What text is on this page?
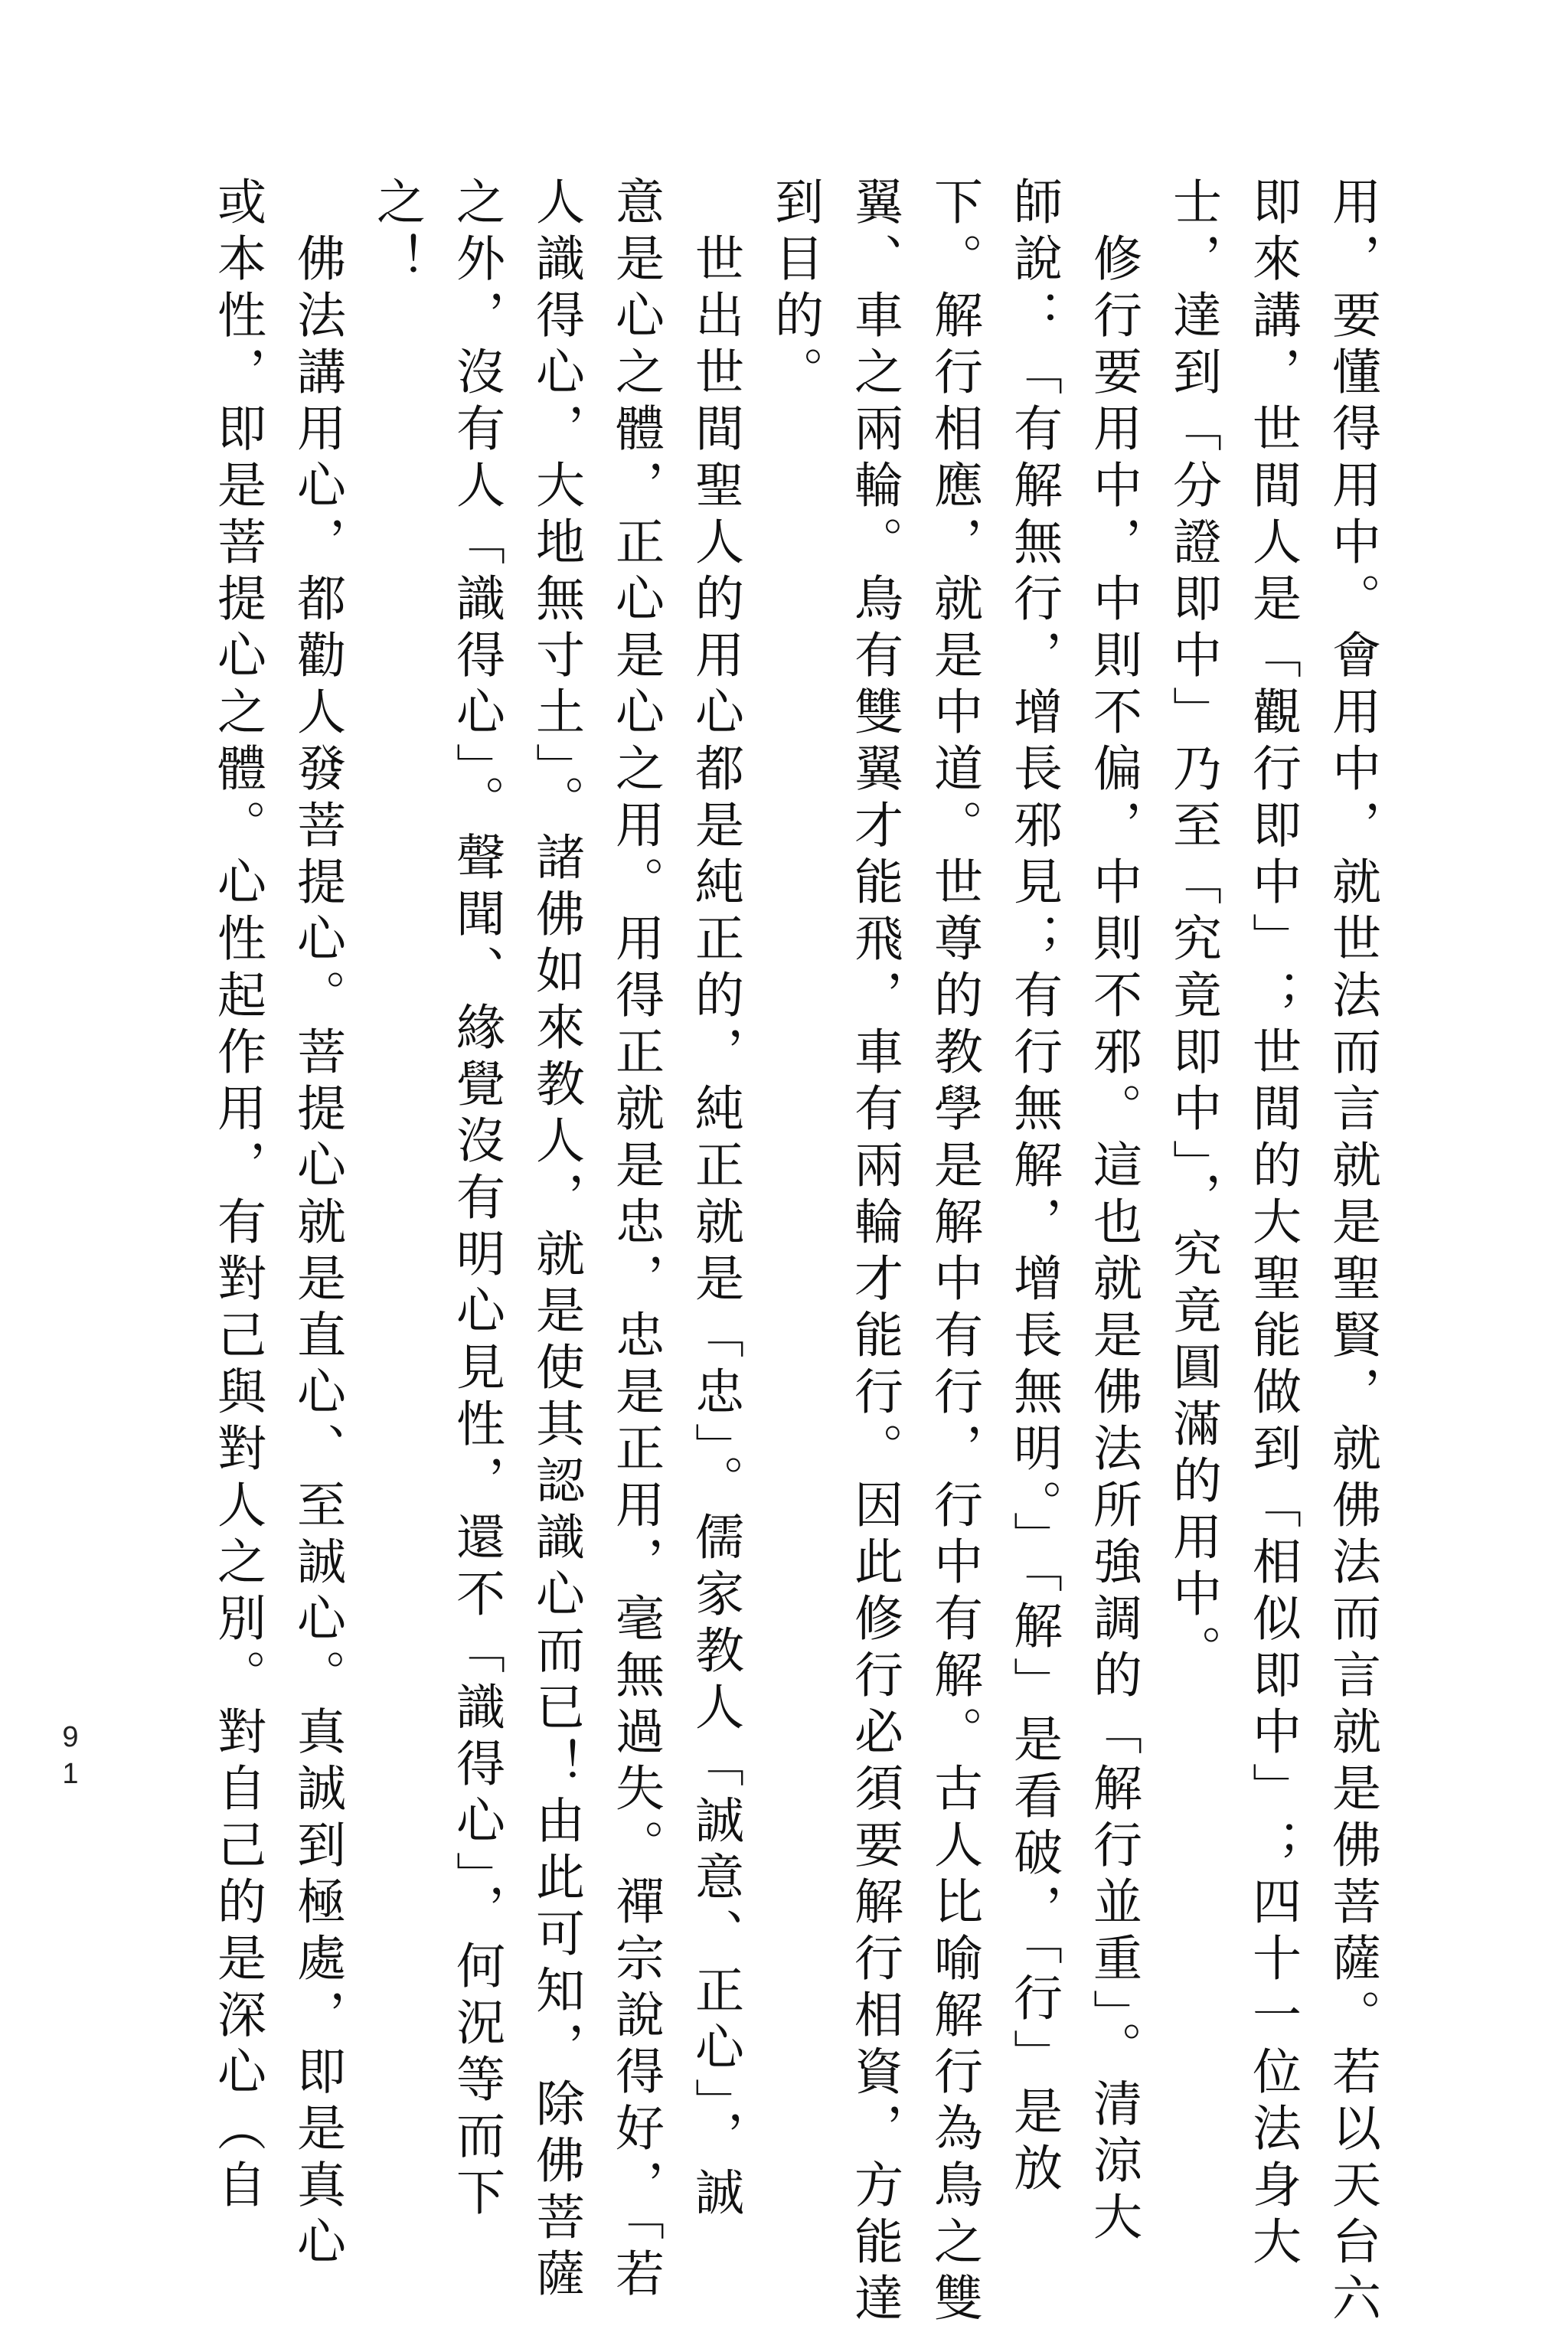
用，要懂得用中。會用中，就世法而言就是聖賢，就佛法而言就是佛菩薩。若以天台六
即來講，世間人是「觀行即中」；世間的大聖能做到「相似即中」；四十一位法身大
士，達到「分證即中」乃至「究竟即中」，究竟圓滿的用中。
　修行要用中，中則不偏，中則不邪。這也就是佛法所強調的「解行並重」。清涼大
師說：「有解無行，增長邪見；有行無解，增長無明。」「解」是看破，「行」是放
下。解行相應，就是中道。世尊的教學是解中有行，行中有解。古人比喻解行為鳥之雙
翼、車之兩輪。鳥有雙翼才能飛，車有兩輪才能行。因此修行必須要解行相資，方能達
到目的。
　世出世間聖人的用心都是純正的，純正就是「忠」。儒家教人「誠意、正心」，誠
意是心之體，正心是心之用。用得正就是忠，忠是正用，毫無過失。禪宗說得好，「若
人識得心，大地無寸土」。諸佛如來教人，就是使其認識心而已！由此可知，除佛菩薩
之外，沒有人「識得心」。聲聞、緣覺沒有明心見性，還不「識得心」，何況等而下
之！
　佛法講用心，都勸人發菩提心。菩提心就是直心、至誠心。真誠到極處，即是真心
或本性，即是菩提心之體。心性起作用，有對己與對人之別。對自己的是深心（自
91
